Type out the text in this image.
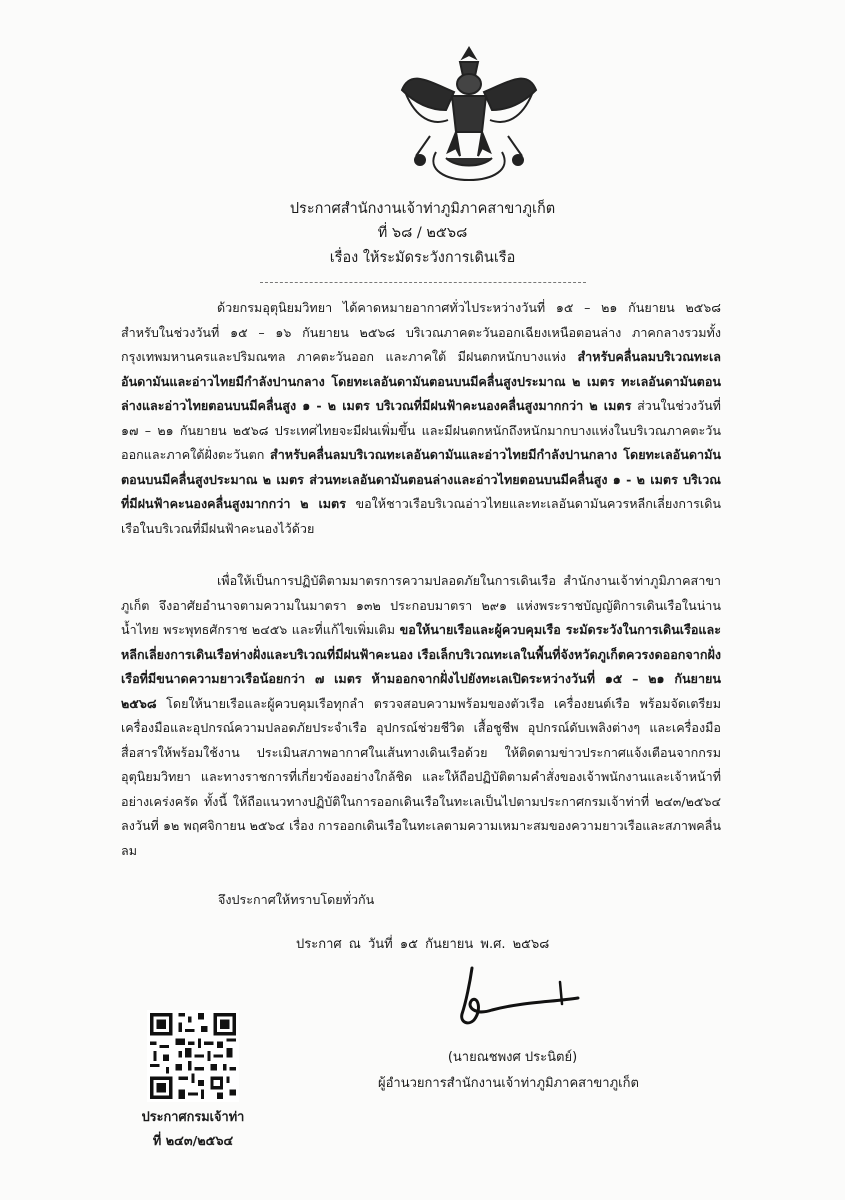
ประกาศสำนักงานเจ้าท่าภูมิภาคสาขาภูเก็ต
ที่ ๖๘ / ๒๕๖๘
เรื่อง ให้ระมัดระวังการเดินเรือ
ด้วยกรมอุตุนิยมวิทยา ได้คาดหมายอากาศทั่วไประหว่างวันที่ ๑๕ – ๒๑ กันยายน ๒๕๖๘ สำหรับในช่วงวันที่ ๑๕ – ๑๖ กันยายน ๒๕๖๘ บริเวณภาคตะวันออกเฉียงเหนือตอนล่าง ภาคกลางรวมทั้งกรุงเทพมหานครและปริมณฑล ภาคตะวันออก และภาคใต้ มีฝนตกหนักบางแห่ง สำหรับคลื่นลมบริเวณทะเล อันดามันและอ่าวไทยมีกำลังปานกลาง โดยทะเลอันดามันตอนบนมีคลื่นสูงประมาณ ๒ เมตร ทะเลอันดามันตอนล่างและอ่าวไทยตอนบนมีคลื่นสูง ๑ - ๒ เมตร บริเวณที่มีฝนฟ้าคะนองคลื่นสูงมากกว่า ๒ เมตร ส่วนในช่วงวันที่ ๑๗ – ๒๑ กันยายน ๒๕๖๘ ประเทศไทยจะมีฝนเพิ่มขึ้น และมีฝนตกหนักถึงหนักมากบางแห่งในบริเวณภาคตะวันออกและภาคใต้ฝั่งตะวันตก สำหรับคลื่นลมบริเวณทะเลอันดามันและอ่าวไทยมีกำลังปานกลาง โดยทะเลอันดามันตอนบนมีคลื่นสูงประมาณ ๒ เมตร ส่วนทะเลอันดามันตอนล่างและอ่าวไทยตอนบนมีคลื่นสูง ๑ - ๒ เมตร บริเวณที่มีฝนฟ้าคะนองคลื่นสูงมากกว่า ๒ เมตร ขอให้ชาวเรือบริเวณอ่าวไทยและทะเลอันดามันควรหลีกเลี่ยงการเดินเรือในบริเวณที่มีฝนฟ้าคะนองไว้ด้วย
เพื่อให้เป็นการปฏิบัติตามมาตรการความปลอดภัยในการเดินเรือ สำนักงานเจ้าท่าภูมิภาคสาขาภูเก็ต จึงอาศัยอำนาจตามความในมาตรา ๑๓๒ ประกอบมาตรา ๒๙๑ แห่งพระราชบัญญัติการเดินเรือในน่านน้ำไทย พระพุทธศักราช ๒๔๕๖ และที่แก้ไขเพิ่มเติม ขอให้นายเรือและผู้ควบคุมเรือ ระมัดระวังในการเดินเรือและหลีกเลี่ยงการเดินเรือห่างฝั่งและบริเวณที่มีฝนฟ้าคะนอง เรือเล็กบริเวณทะเลในพื้นที่จังหวัดภูเก็ตควรงดออกจากฝั่ง เรือที่มีขนาดความยาวเรือน้อยกว่า ๗ เมตร ห้ามออกจากฝั่งไปยังทะเลเปิดระหว่างวันที่ ๑๕ – ๒๑ กันยายน ๒๕๖๘ โดยให้นายเรือและผู้ควบคุมเรือทุกลำ ตรวจสอบความพร้อมของตัวเรือ เครื่องยนต์เรือ พร้อมจัดเตรียมเครื่องมือและอุปกรณ์ความปลอดภัยประจำเรือ อุปกรณ์ช่วยชีวิต เสื้อชูชีพ อุปกรณ์ดับเพลิงต่างๆ และเครื่องมือสื่อสารให้พร้อมใช้งาน ประเมินสภาพอากาศในเส้นทางเดินเรือด้วย ให้ติดตามข่าวประกาศแจ้งเตือนจากกรมอุตุนิยมวิทยา และทางราชการที่เกี่ยวข้องอย่างใกล้ชิด และให้ถือปฏิบัติตามคำสั่งของเจ้าพนักงานและเจ้าหน้าที่อย่างเคร่งครัด ทั้งนี้ ให้ถือแนวทางปฏิบัติในการออกเดินเรือในทะเลเป็นไปตามประกาศกรมเจ้าท่าที่ ๒๔๓/๒๕๖๔ ลงวันที่ ๑๒ พฤศจิกายน ๒๕๖๔ เรื่อง การออกเดินเรือในทะเลตามความเหมาะสมของความยาวเรือและสภาพคลื่นลม
จึงประกาศให้ทราบโดยทั่วกัน
ประกาศ ณ วันที่ ๑๕ กันยายน พ.ศ. ๒๕๖๘
(นายณชพงศ ประนิตย์)
ผู้อำนวยการสำนักงานเจ้าท่าภูมิภาคสาขาภูเก็ต
ประกาศกรมเจ้าท่า
ที่ ๒๔๓/๒๕๖๔
